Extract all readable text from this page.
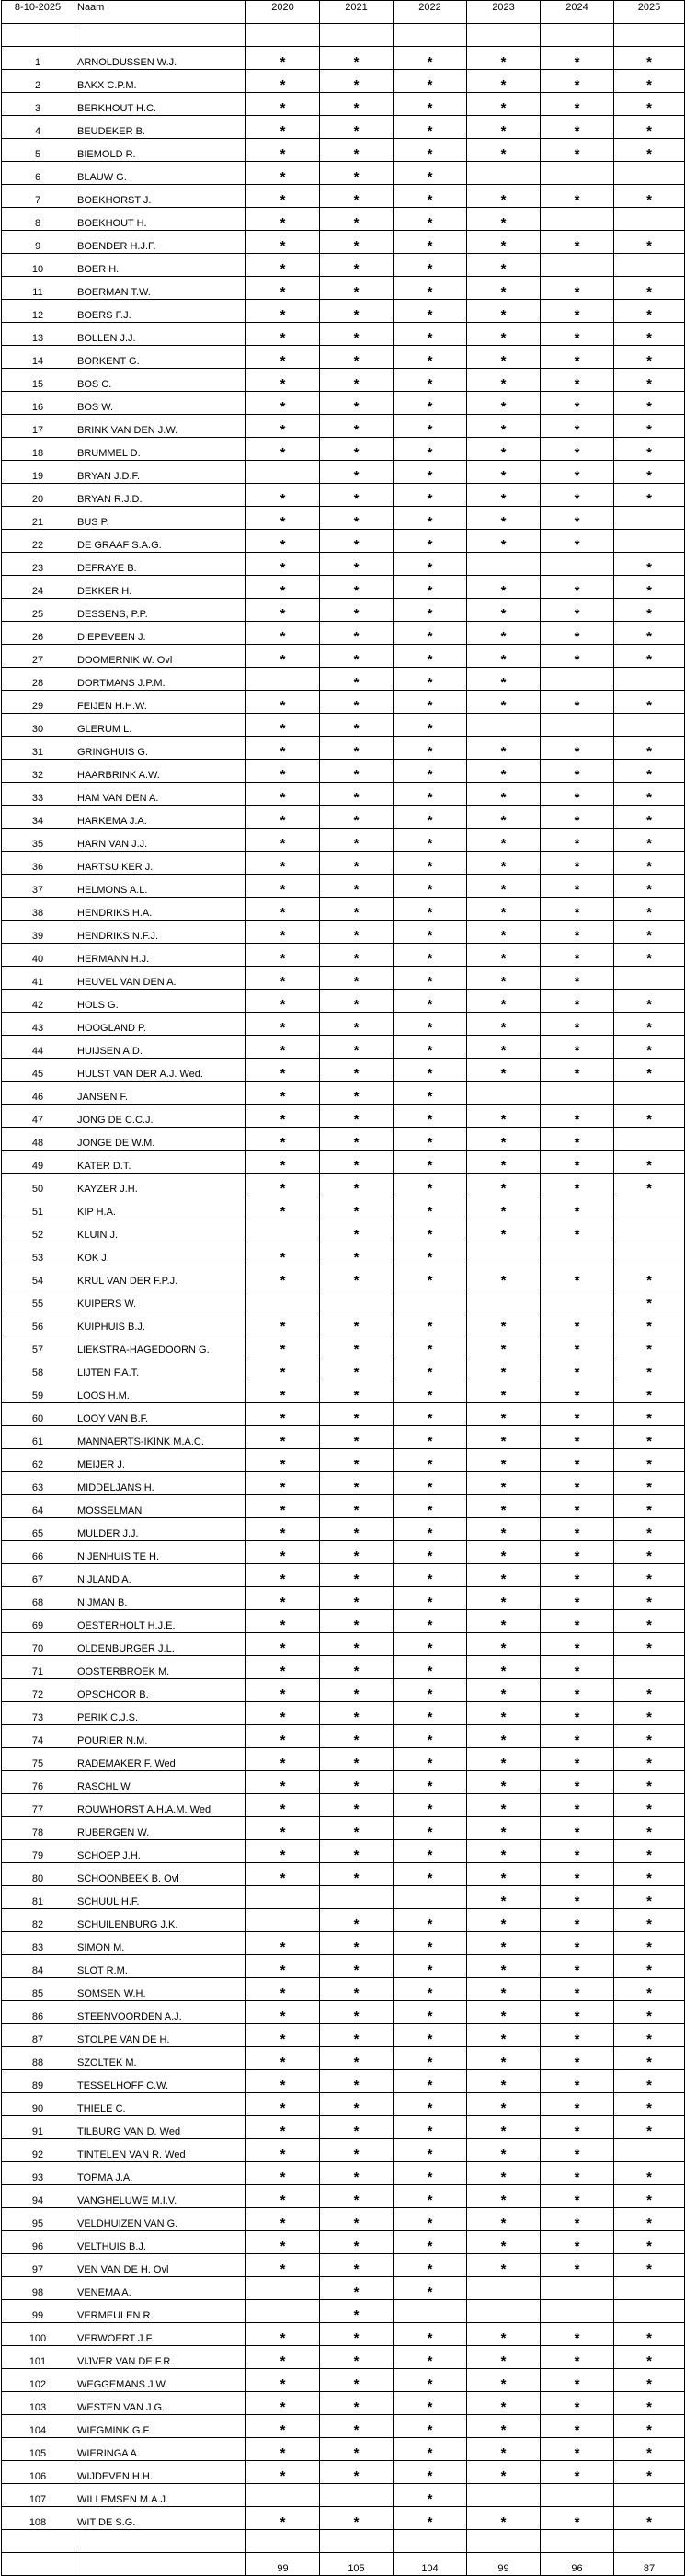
8-10-2025	Naam	2020	2021	2022	2023	2024	2025

1	ARNOLDUSSEN W.J.	*	*	*	*	*	*
2	BAKX C.P.M.	*	*	*	*	*	*
3	BERKHOUT H.C.	*	*	*	*	*	*
4	BEUDEKER B.	*	*	*	*	*	*
5	BIEMOLD R.	*	*	*	*	*	*
6	BLAUW G.	*	*	*			
7	BOEKHORST J.	*	*	*	*	*	*
8	BOEKHOUT H.	*	*	*	*		
9	BOENDER H.J.F.	*	*	*	*	*	*
10	BOER H.	*	*	*	*		
11	BOERMAN T.W.	*	*	*	*	*	*
12	BOERS F.J.	*	*	*	*	*	*
13	BOLLEN J.J.	*	*	*	*	*	*
14	BORKENT G.	*	*	*	*	*	*
15	BOS C.	*	*	*	*	*	*
16	BOS W.	*	*	*	*	*	*
17	BRINK VAN DEN J.W.	*	*	*	*	*	*
18	BRUMMEL D.	*	*	*	*	*	*
19	BRYAN J.D.F.		*	*	*	*	*
20	BRYAN R.J.D.	*	*	*	*	*	*
21	BUS P.	*	*	*	*	*	
22	DE GRAAF S.A.G.	*	*	*	*	*	
23	DEFRAYE B.	*	*	*			*
24	DEKKER H.	*	*	*	*	*	*
25	DESSENS, P.P.	*	*	*	*	*	*
26	DIEPEVEEN J.	*	*	*	*	*	*
27	DOOMERNIK W. Ovl	*	*	*	*	*	*
28	DORTMANS J.P.M.		*	*	*		
29	FEIJEN H.H.W.	*	*	*	*	*	*
30	GLERUM L.	*	*	*			
31	GRINGHUIS G.	*	*	*	*	*	*
32	HAARBRINK A.W.	*	*	*	*	*	*
33	HAM VAN DEN A.	*	*	*	*	*	*
34	HARKEMA J.A.	*	*	*	*	*	*
35	HARN VAN J.J.	*	*	*	*	*	*
36	HARTSUIKER J.	*	*	*	*	*	*
37	HELMONS A.L.	*	*	*	*	*	*
38	HENDRIKS H.A.	*	*	*	*	*	*
39	HENDRIKS N.F.J.	*	*	*	*	*	*
40	HERMANN H.J.	*	*	*	*	*	*
41	HEUVEL VAN DEN A.	*	*	*	*	*	
42	HOLS G.	*	*	*	*	*	*
43	HOOGLAND P.	*	*	*	*	*	*
44	HUIJSEN A.D.	*	*	*	*	*	*
45	HULST VAN DER A.J. Wed.	*	*	*	*	*	*
46	JANSEN F.	*	*	*			
47	JONG DE C.C.J.	*	*	*	*	*	*
48	JONGE DE W.M.	*	*	*	*	*	
49	KATER D.T.	*	*	*	*	*	*
50	KAYZER J.H.	*	*	*	*	*	*
51	KIP H.A.	*	*	*	*	*	
52	KLUIN J.		*	*	*	*	
53	KOK J.	*	*	*			
54	KRUL VAN DER F.P.J.	*	*	*	*	*	*
55	KUIPERS W.						*
56	KUIPHUIS B.J.	*	*	*	*	*	*
57	LIEKSTRA-HAGEDOORN G.	*	*	*	*	*	*
58	LIJTEN F.A.T.	*	*	*	*	*	*
59	LOOS H.M.	*	*	*	*	*	*
60	LOOY VAN B.F.	*	*	*	*	*	*
61	MANNAERTS-IKINK M.A.C.	*	*	*	*	*	*
62	MEIJER J.	*	*	*	*	*	*
63	MIDDELJANS H.	*	*	*	*	*	*
64	MOSSELMAN	*	*	*	*	*	*
65	MULDER J.J.	*	*	*	*	*	*
66	NIJENHUIS TE H.	*	*	*	*	*	*
67	NIJLAND A.	*	*	*	*	*	*
68	NIJMAN B.	*	*	*	*	*	*
69	OESTERHOLT H.J.E.	*	*	*	*	*	*
70	OLDENBURGER J.L.	*	*	*	*	*	*
71	OOSTERBROEK M.	*	*	*	*	*	
72	OPSCHOOR B.	*	*	*	*	*	*
73	PERIK C.J.S.	*	*	*	*	*	*
74	POURIER N.M.	*	*	*	*	*	*
75	RADEMAKER F. Wed	*	*	*	*	*	*
76	RASCHL W.	*	*	*	*	*	*
77	ROUWHORST A.H.A.M. Wed	*	*	*	*	*	*
78	RUBERGEN W.	*	*	*	*	*	*
79	SCHOEP J.H.	*	*	*	*	*	*
80	SCHOONBEEK B. Ovl	*	*	*	*	*	*
81	SCHUUL H.F.				*	*	*
82	SCHUILENBURG J.K.		*	*	*	*	*
83	SIMON M.	*	*	*	*	*	*
84	SLOT R.M.	*	*	*	*	*	*
85	SOMSEN W.H.	*	*	*	*	*	*
86	STEENVOORDEN A.J.	*	*	*	*	*	*
87	STOLPE VAN DE H.	*	*	*	*	*	*
88	SZOLTEK M.	*	*	*	*	*	*
89	TESSELHOFF C.W.	*	*	*	*	*	*
90	THIELE C.	*	*	*	*	*	*
91	TILBURG VAN D. Wed	*	*	*	*	*	*
92	TINTELEN VAN R. Wed	*	*	*	*	*	
93	TOPMA J.A.	*	*	*	*	*	*
94	VANGHELUWE M.I.V.	*	*	*	*	*	*
95	VELDHUIZEN VAN G.	*	*	*	*	*	*
96	VELTHUIS B.J.	*	*	*	*	*	*
97	VEN VAN DE H. Ovl	*	*	*	*	*	*
98	VENEMA A.		*	*			
99	VERMEULEN R.		*				
100	VERWOERT J.F.	*	*	*	*	*	*
101	VIJVER VAN DE F.R.	*	*	*	*	*	*
102	WEGGEMANS J.W.	*	*	*	*	*	*
103	WESTEN VAN J.G.	*	*	*	*	*	*
104	WIEGMINK G.F.	*	*	*	*	*	*
105	WIERINGA A.	*	*	*	*	*	*
106	WIJDEVEN H.H.	*	*	*	*	*	*
107	WILLEMSEN M.A.J.			*			
108	WIT DE S.G.	*	*	*	*	*	*

		99	105	104	99	96	87
